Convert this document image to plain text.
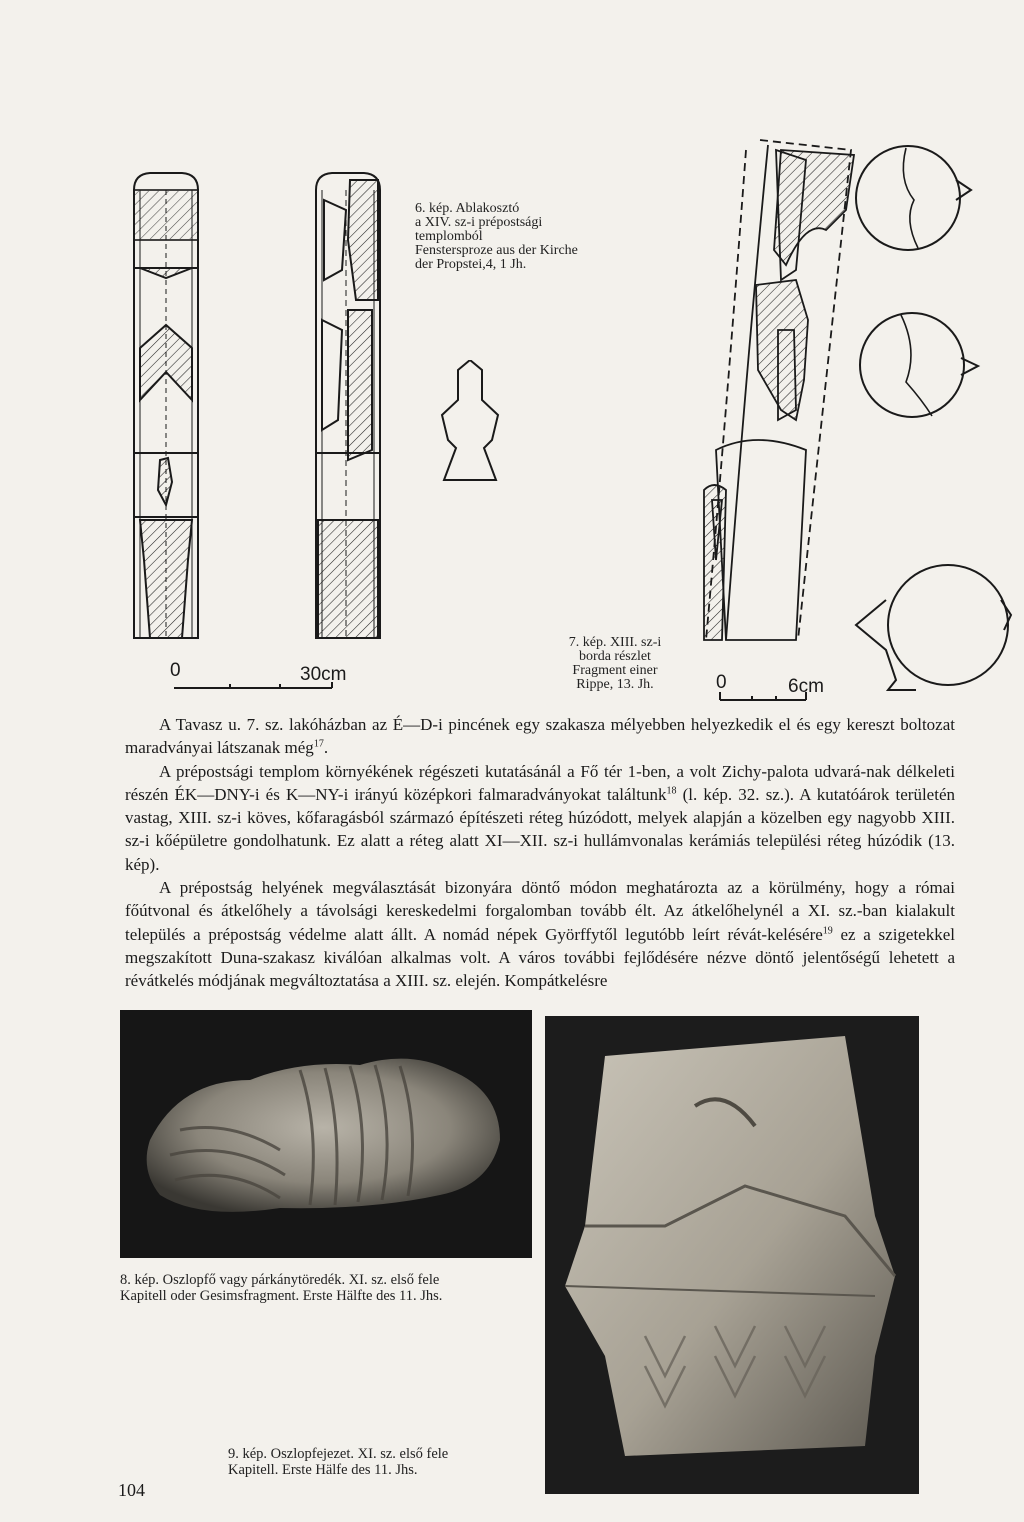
6. kép. Ablakosztó
a XIV. sz-i prépostsági
templomból
Fenstersproze aus der Kirche
der Propstei,4, 1 Jh.
0	30cm
7. kép. XIII. sz-i
borda részlet
Fragment einer
Rippe, 13. Jh.	0	6cm

A Tavasz u. 7. sz. lakóházban az É—D-i pincének egy szakasza mélyebben helyezkedik el és egy kereszt boltozat maradványai látszanak még$^{17}$.

A prépostsági templom környékének régészeti kutatásánál a Fő tér 1-ben, a volt Zichy-palota udvará-nak délkeleti részén ÉK—DNY-i és K—NY-i irányú középkori falmaradványokat találtunk$^{18}$ (l. kép. 32. sz.). A kutatóárok területén vastag, XIII. sz-i köves, kőfaragásból származó építészeti réteg húzódott, melyek alapján a közelben egy nagyobb XIII. sz-i kőépületre gondolhatunk. Ez alatt a réteg alatt XI—XII. sz-i hullámvonalas kerámiás települési réteg húzódik (13. kép).

A prépostság helyének megválasztását bizonyára döntő módon meghatározta az a körülmény, hogy a római főútvonal és átkelőhely a távolsági kereskedelmi forgalomban tovább élt. Az átkelőhelynél a XI. sz.-ban kialakult település a prépostság védelme alatt állt. A nomád népek Györffytől legutóbb leírt révát-kelésére$^{19}$ ez a szigetekkel megszakított Duna-szakasz kiválóan alkalmas volt. A város további fejlődésére nézve döntő jelentőségű lehetett a révátkelés módjának megváltoztatása a XIII. sz. elején. Kompátkelésre

8. kép. Oszlopfő vagy párkánytöredék. XI. sz. első fele
Kapitell oder Gesimsfragment. Erste Hälfte des 11. Jhs.
9. kép. Oszlopfejezet. XI. sz. első fele
Kapitell. Erste Hälfe des 11. Jhs.
104
